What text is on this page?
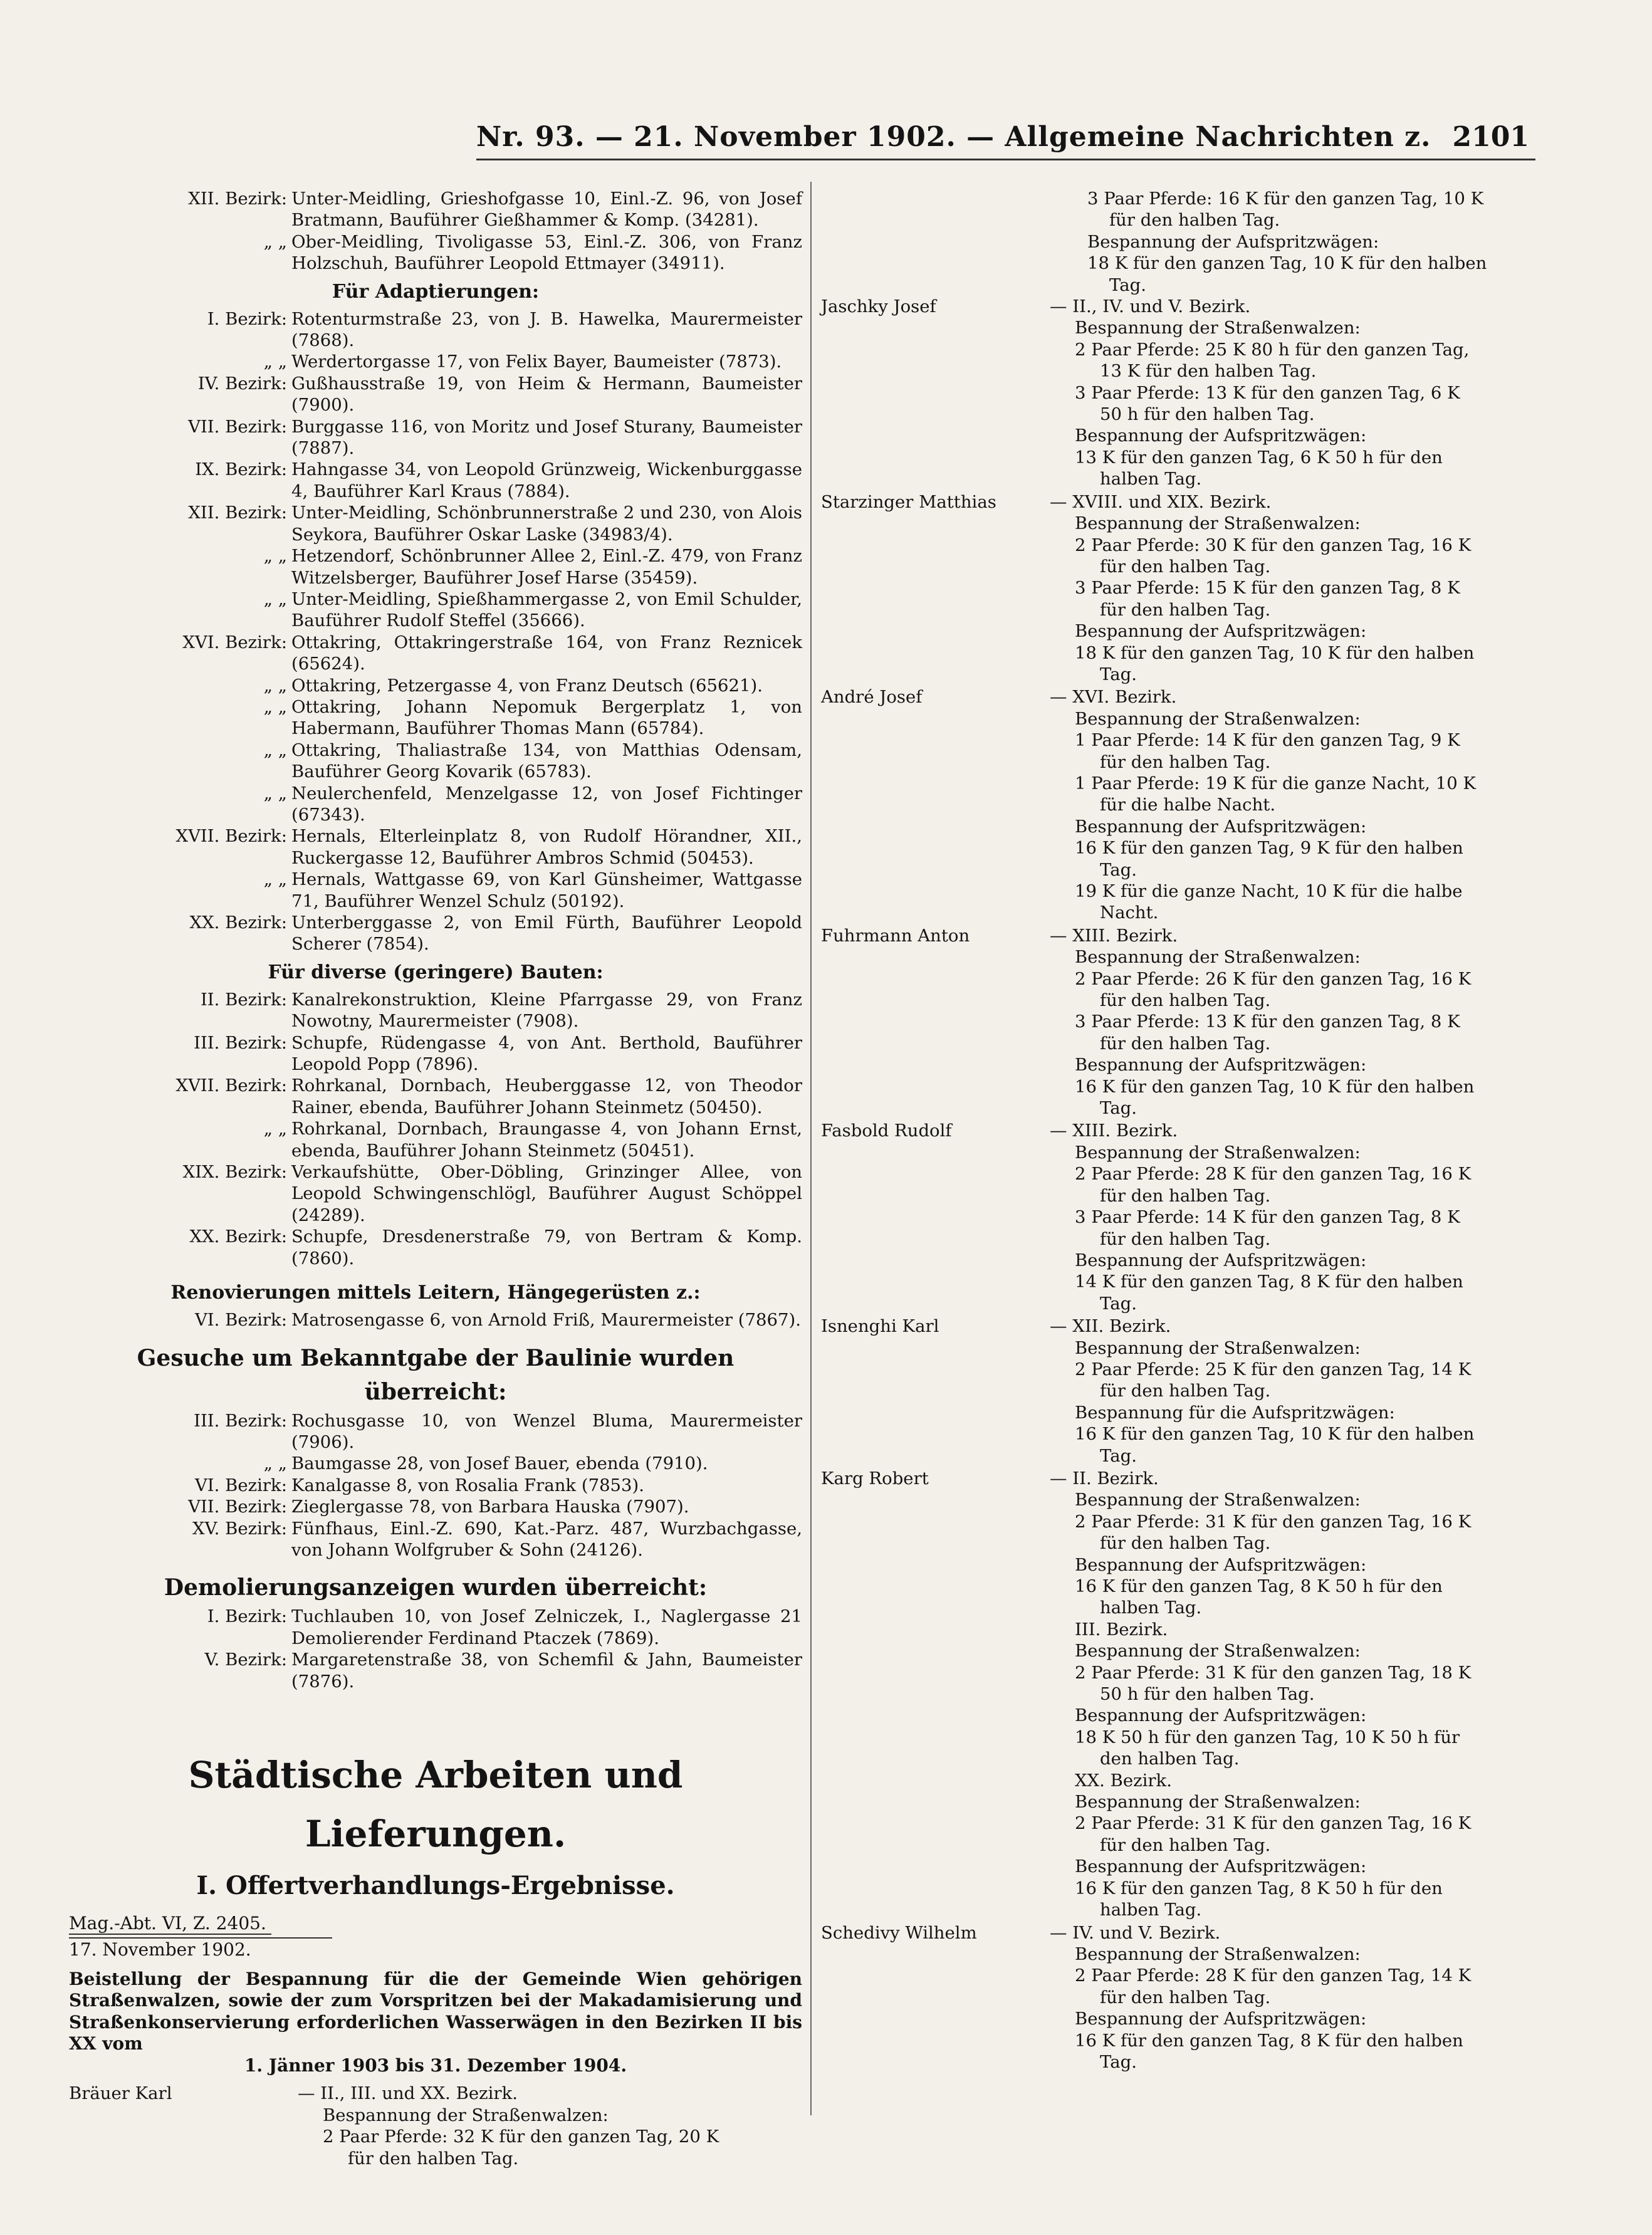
Nr. 93. — 21. November 1902. — Allgemeine Nachrichten z. 2101
XII. Bezirk: Unter-Meidling, Grieshofgasse 10, Einl.-Z. 96, von Josef Bratmann, Bauführer Gießhammer & Komp. (34281).
„ „ Ober-Meidling, Tivoligasse 53, Einl.-Z. 306, von Franz Holzschuh, Bauführer Leopold Ettmayer (34911).
Für Adaptierungen:
I. Bezirk: Rotenturmstraße 23, von J. B. Hawelka, Maurermeister (7868).
„ „ Werdertorgasse 17, von Felix Bayer, Baumeister (7873).
IV. Bezirk: Gußhausstraße 19, von Heim & Hermann, Baumeister (7900).
VII. Bezirk: Burggasse 116, von Moritz und Josef Sturany, Baumeister (7887).
IX. Bezirk: Hahngasse 34, von Leopold Grünzweig, Wickenburggasse 4, Bauführer Karl Kraus (7884).
XII. Bezirk: Unter-Meidling, Schönbrunnerstraße 2 und 230, von Alois Seykora, Bauführer Oskar Laske (34983/4).
„ „ Hetzendorf, Schönbrunner Allee 2, Einl.-Z. 479, von Franz Witzelsberger, Bauführer Josef Harse (35459).
„ „ Unter-Meidling, Spießhammergasse 2, von Emil Schulder, Bauführer Rudolf Steffel (35666).
XVI. Bezirk: Ottakring, Ottakringerstraße 164, von Franz Reznicek (65624).
„ „ Ottakring, Petzergasse 4, von Franz Deutsch (65621).
„ „ Ottakring, Johann Nepomuk Bergerplatz 1, von Habermann, Bauführer Thomas Mann (65784).
„ „ Ottakring, Thaliastraße 134, von Matthias Odensam, Bauführer Georg Kovarik (65783).
„ „ Neulerchenfeld, Menzelgasse 12, von Josef Fichtinger (67343).
XVII. Bezirk: Hernals, Elterleinplatz 8, von Rudolf Hörandner, XII., Ruckergasse 12, Bauführer Ambros Schmid (50453).
„ „ Hernals, Wattgasse 69, von Karl Günsheimer, Wattgasse 71, Bauführer Wenzel Schulz (50192).
XX. Bezirk: Unterberggasse 2, von Emil Fürth, Bauführer Leopold Scherer (7854).
Für diverse (geringere) Bauten:
II. Bezirk: Kanalrekonstruktion, Kleine Pfarrgasse 29, von Franz Nowotny, Maurermeister (7908).
III. Bezirk: Schupfe, Rüdengasse 4, von Ant. Berthold, Bauführer Leopold Popp (7896).
XVII. Bezirk: Rohrkanal, Dornbach, Heuberggasse 12, von Theodor Rainer, ebenda, Bauführer Johann Steinmetz (50450).
„ „ Rohrkanal, Dornbach, Braungasse 4, von Johann Ernst, ebenda, Bauführer Johann Steinmetz (50451).
XIX. Bezirk: Verkaufshütte, Ober-Döbling, Grinzinger Allee, von Leopold Schwingenschlögl, Bauführer August Schöppel (24289).
XX. Bezirk: Schupfe, Dresdenerstraße 79, von Bertram & Komp. (7860).
Renovierungen mittels Leitern, Hängegerüsten z.:
VI. Bezirk: Matrosengasse 6, von Arnold Friß, Maurermeister (7867).
Gesuche um Bekanntgabe der Baulinie wurden überreicht:
III. Bezirk: Rochusgasse 10, von Wenzel Bluma, Maurermeister (7906).
„ „ Baumgasse 28, von Josef Bauer, ebenda (7910).
VI. Bezirk: Kanalgasse 8, von Rosalia Frank (7853).
VII. Bezirk: Zieglergasse 78, von Barbara Hauska (7907).
XV. Bezirk: Fünfhaus, Einl.-Z. 690, Kat.-Parz. 487, Wurzbachgasse, von Johann Wolfgruber & Sohn (24126).
Demolierungsanzeigen wurden überreicht:
I. Bezirk: Tuchlauben 10, von Josef Zelniczek, I., Naglergasse 21 Demolierender Ferdinand Ptaczek (7869).
V. Bezirk: Margaretenstraße 38, von Schemfil & Jahn, Baumeister (7876).
Städtische Arbeiten und Lieferungen.
I. Offertverhandlungs-Ergebnisse.
Mag.-Abt. VI, Z. 2405.
17. November 1902.
Beistellung der Bespannung für die der Gemeinde Wien gehörigen Straßenwalzen, sowie der zum Vorspritzen bei der Makadamisierung und Straßenkonservierung erforderlichen Wasserwägen in den Bezirken II bis XX vom
1. Jänner 1903 bis 31. Dezember 1904.
Bräuer Karl	— II., III. und XX. Bezirk.
Bespannung der Straßenwalzen:
2 Paar Pferde: 32 K für den ganzen Tag, 20 K
für den halben Tag.
3 Paar Pferde: 16 K für den ganzen Tag, 10 K
für den halben Tag.
Bespannung der Aufspritzwägen:
18 K für den ganzen Tag, 10 K für den halben
Tag.
Jaschky Josef	— II., IV. und V. Bezirk.
Bespannung der Straßenwalzen:
2 Paar Pferde: 25 K 80 h für den ganzen Tag,
13 K für den halben Tag.
3 Paar Pferde: 13 K für den ganzen Tag, 6 K
50 h für den halben Tag.
Bespannung der Aufspritzwägen:
13 K für den ganzen Tag, 6 K 50 h für den
halben Tag.
Starzinger Matthias	— XVIII. und XIX. Bezirk.
Bespannung der Straßenwalzen:
2 Paar Pferde: 30 K für den ganzen Tag, 16 K
für den halben Tag.
3 Paar Pferde: 15 K für den ganzen Tag, 8 K
für den halben Tag.
Bespannung der Aufspritzwägen:
18 K für den ganzen Tag, 10 K für den halben
Tag.
André Josef	— XVI. Bezirk.
Bespannung der Straßenwalzen:
1 Paar Pferde: 14 K für den ganzen Tag, 9 K
für den halben Tag.
1 Paar Pferde: 19 K für die ganze Nacht, 10 K
für die halbe Nacht.
Bespannung der Aufspritzwägen:
16 K für den ganzen Tag, 9 K für den halben
Tag.
19 K für die ganze Nacht, 10 K für die halbe
Nacht.
Fuhrmann Anton	— XIII. Bezirk.
Bespannung der Straßenwalzen:
2 Paar Pferde: 26 K für den ganzen Tag, 16 K
für den halben Tag.
3 Paar Pferde: 13 K für den ganzen Tag, 8 K
für den halben Tag.
Bespannung der Aufspritzwägen:
16 K für den ganzen Tag, 10 K für den halben
Tag.
Fasbold Rudolf	— XIII. Bezirk.
Bespannung der Straßenwalzen:
2 Paar Pferde: 28 K für den ganzen Tag, 16 K
für den halben Tag.
3 Paar Pferde: 14 K für den ganzen Tag, 8 K
für den halben Tag.
Bespannung der Aufspritzwägen:
14 K für den ganzen Tag, 8 K für den halben
Tag.
Isnenghi Karl	— XII. Bezirk.
Bespannung der Straßenwalzen:
2 Paar Pferde: 25 K für den ganzen Tag, 14 K
für den halben Tag.
Bespannung für die Aufspritzwägen:
16 K für den ganzen Tag, 10 K für den halben
Tag.
Karg Robert	— II. Bezirk.
Bespannung der Straßenwalzen:
2 Paar Pferde: 31 K für den ganzen Tag, 16 K
für den halben Tag.
Bespannung der Aufspritzwägen:
16 K für den ganzen Tag, 8 K 50 h für den
halben Tag.
III. Bezirk.
Bespannung der Straßenwalzen:
2 Paar Pferde: 31 K für den ganzen Tag, 18 K
50 h für den halben Tag.
Bespannung der Aufspritzwägen:
18 K 50 h für den ganzen Tag, 10 K 50 h für
den halben Tag.
XX. Bezirk.
Bespannung der Straßenwalzen:
2 Paar Pferde: 31 K für den ganzen Tag, 16 K
für den halben Tag.
Bespannung der Aufspritzwägen:
16 K für den ganzen Tag, 8 K 50 h für den
halben Tag.
Schedivy Wilhelm	— IV. und V. Bezirk.
Bespannung der Straßenwalzen:
2 Paar Pferde: 28 K für den ganzen Tag, 14 K
für den halben Tag.
Bespannung der Aufspritzwägen:
16 K für den ganzen Tag, 8 K für den halben
Tag.
